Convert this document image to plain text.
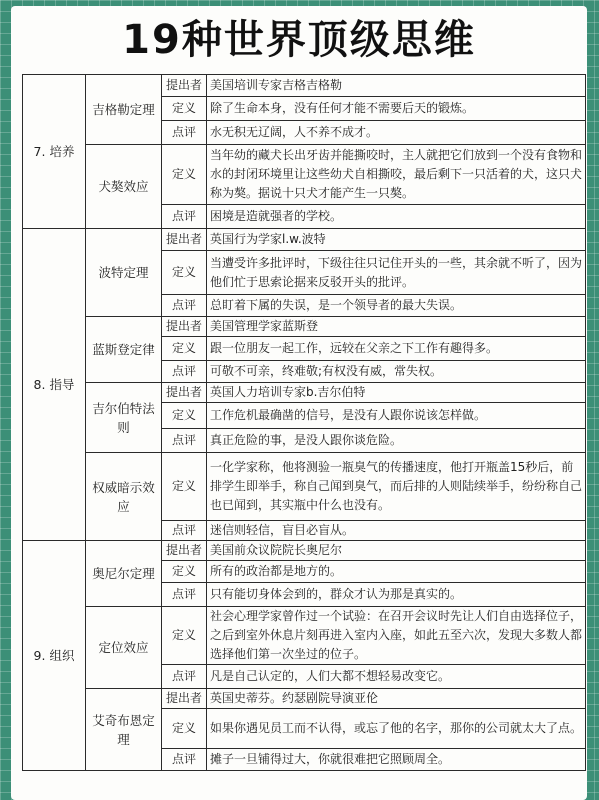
19种世界顶级思维
7. 培养	吉格勒定理	提出者	美国培训专家吉格吉格勒
		定义	除了生命本身，没有任何才能不需要后天的锻炼。
		点评	水无积无辽阔，人不养不成才。
	犬獒效应	定义	当年幼的藏犬长出牙齿并能撕咬时，主人就把它们放到一个没有食物和水的封闭环境里让这些幼犬自相撕咬，最后剩下一只活着的犬，这只犬称为獒。据说十只犬才能产生一只獒。
		点评	困境是造就强者的学校。
8. 指导	波特定理	提出者	英国行为学家l.w.波特
		定义	当遭受许多批评时，下级往往只记住开头的一些，其余就不听了，因为他们忙于思索论据来反驳开头的批评。
		点评	总盯着下属的失误，是一个领导者的最大失误。
	蓝斯登定律	提出者	美国管理学家蓝斯登
		定义	跟一位朋友一起工作，远较在父亲之下工作有趣得多。
		点评	可敬不可亲，终难敬;有权没有威，常失权。
	吉尔伯特法则	提出者	英国人力培训专家b.吉尔伯特
		定义	工作危机最确凿的信号，是没有人跟你说该怎样做。
		点评	真正危险的事，是没人跟你谈危险。
	权威暗示效应	定义	一化学家称，他将测验一瓶臭气的传播速度，他打开瓶盖15秒后，前排学生即举手，称自己闻到臭气，而后排的人则陆续举手，纷纷称自己也已闻到，其实瓶中什么也没有。
		点评	迷信则轻信，盲目必盲从。
9. 组织	奥尼尔定理	提出者	美国前众议院院长奥尼尔
		定义	所有的政治都是地方的。
		点评	只有能切身体会到的，群众才认为那是真实的。
	定位效应	定义	社会心理学家曾作过一个试验：在召开会议时先让人们自由选择位子，之后到室外休息片刻再进入室内入座，如此五至六次，发现大多数人都选择他们第一次坐过的位子。
		点评	凡是自己认定的，人们大都不想轻易改变它。
	艾奇布恩定理	提出者	英国史蒂芬。约瑟剧院导演亚伦
		定义	如果你遇见员工而不认得，或忘了他的名字，那你的公司就太大了点。
		点评	摊子一旦铺得过大，你就很难把它照顾周全。
